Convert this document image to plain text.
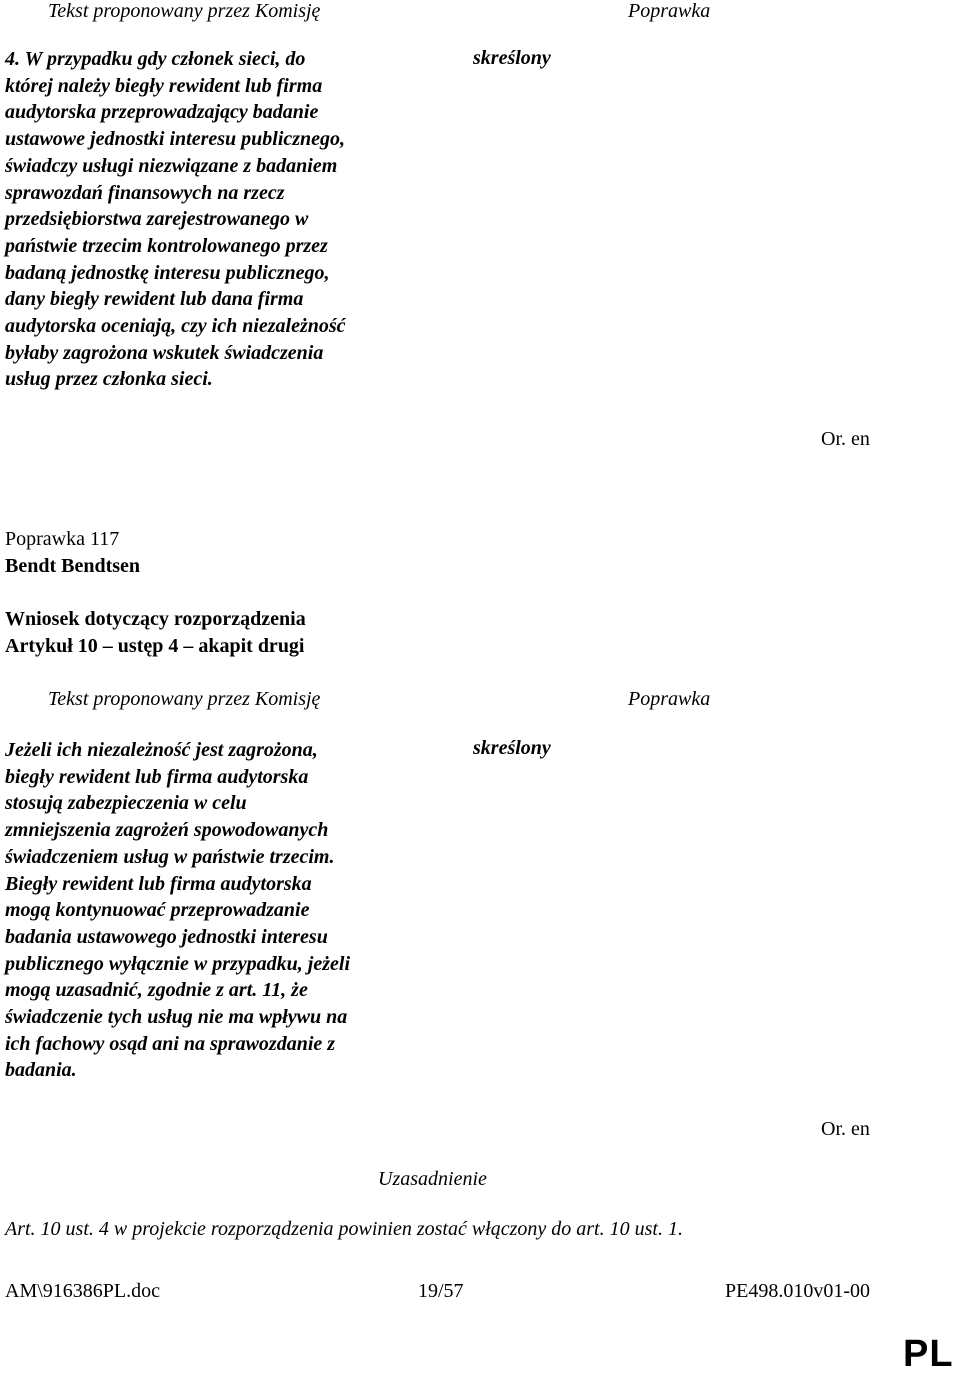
Tekst proponowany przez Komisję	Poprawka
4. W przypadku gdy członek sieci, do
której należy biegły rewident lub firma
audytorska przeprowadzający badanie
ustawowe jednostki interesu publicznego,
świadczy usługi niezwiązane z badaniem
sprawozdań finansowych na rzecz
przedsiębiorstwa zarejestrowanego w
państwie trzecim kontrolowanego przez
badaną jednostkę interesu publicznego,
dany biegły rewident lub dana firma
audytorska oceniają, czy ich niezależność
byłaby zagrożona wskutek świadczenia
usług przez członka sieci.
skreślony
Or. en
Poprawka 117
Bendt Bendtsen
Wniosek dotyczący rozporządzenia
Artykuł 10 – ustęp 4 – akapit drugi
Tekst proponowany przez Komisję	Poprawka
Jeżeli ich niezależność jest zagrożona,
biegły rewident lub firma audytorska
stosują zabezpieczenia w celu
zmniejszenia zagrożeń spowodowanych
świadczeniem usług w państwie trzecim.
Biegły rewident lub firma audytorska
mogą kontynuować przeprowadzanie
badania ustawowego jednostki interesu
publicznego wyłącznie w przypadku, jeżeli
mogą uzasadnić, zgodnie z art. 11, że
świadczenie tych usług nie ma wpływu na
ich fachowy osąd ani na sprawozdanie z
badania.
skreślony
Or. en
Uzasadnienie
Art. 10 ust. 4 w projekcie rozporządzenia powinien zostać włączony do art. 10 ust. 1.
AM\916386PL.doc	19/57	PE498.010v01-00
PL
